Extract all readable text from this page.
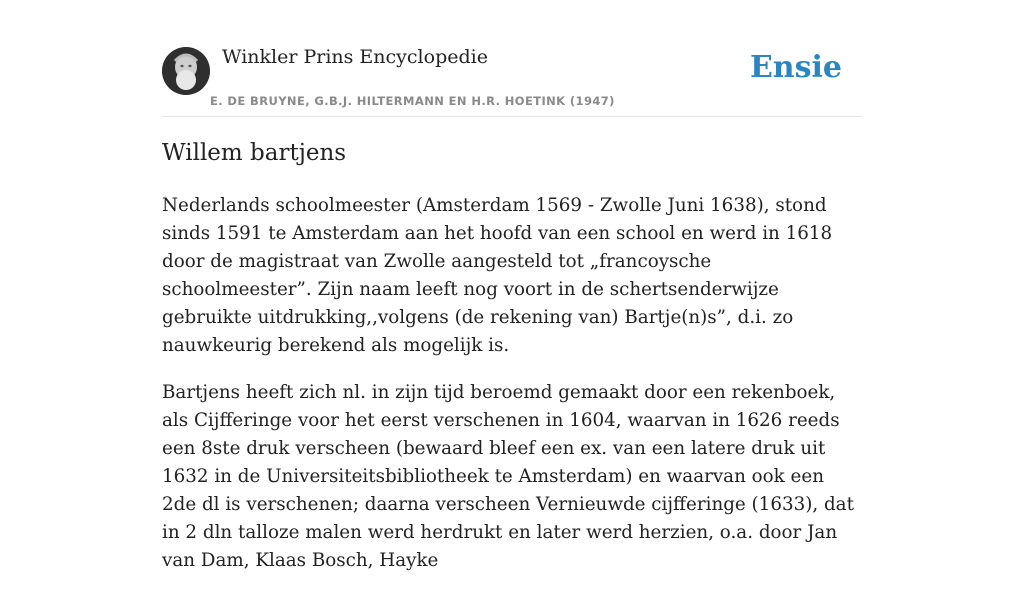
Winkler Prins Encyclopedie
E. DE BRUYNE, G.B.J. HILTERMANN EN H.R. HOETINK (1947)
Ensie
Willem bartjens

Nederlands schoolmeester (Amsterdam 1569 - Zwolle Juni 1638), stond sinds 1591 te Amsterdam aan het hoofd van een school en werd in 1618 door de magistraat van Zwolle aangesteld tot „francoysche schoolmeester”. Zijn naam leeft nog voort in de schertsenderwijze gebruikte uitdrukking,,volgens (de rekening van) Bartje(n)s”, d.i. zo nauwkeurig berekend als mogelijk is.

Bartjens heeft zich nl. in zijn tijd beroemd gemaakt door een rekenboek, als Cijfferinge voor het eerst verschenen in 1604, waarvan in 1626 reeds een 8ste druk verscheen (bewaard bleef een ex. van een latere druk uit 1632 in de Universiteitsbibliotheek te Amsterdam) en waarvan ook een 2de dl is verschenen; daarna verscheen Vernieuwde cijfferinge (1633), dat in 2 dln talloze malen werd herdrukt en later werd herzien, o.a. door Jan van Dam, Klaas Bosch, Hayke
